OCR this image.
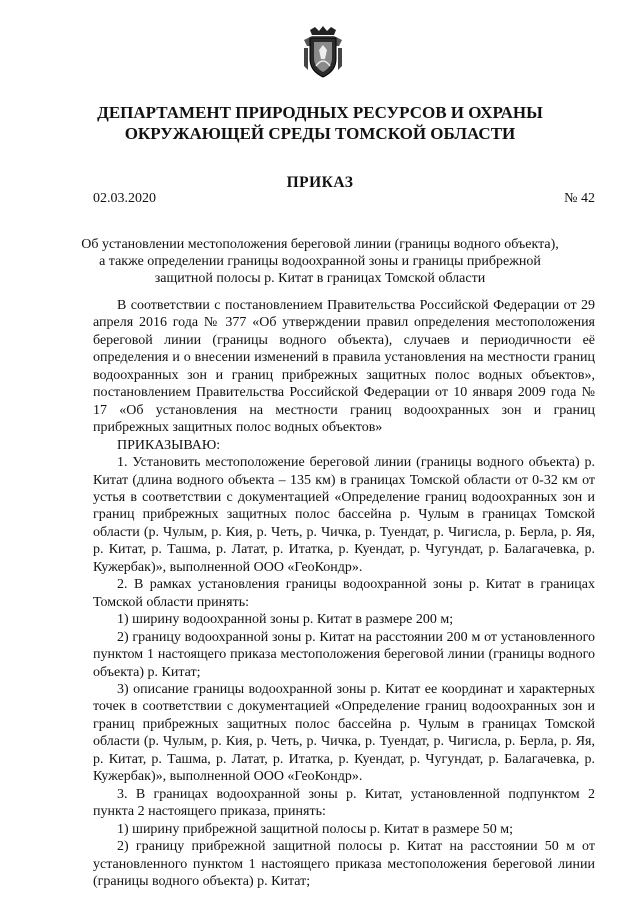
ДЕПАРТАМЕНТ ПРИРОДНЫХ РЕСУРСОВ И ОХРАНЫ
ОКРУЖАЮЩЕЙ СРЕДЫ ТОМСКОЙ ОБЛАСТИ
ПРИКАЗ
02.03.2020	№ 42
Об установлении местоположения береговой линии (границы водного объекта),
а также определении границы водоохранной зоны и границы прибрежной
защитной полосы р. Китат в границах Томской области

В соответствии с постановлением Правительства Российской Федерации от 29 апреля 2016 года № 377 «Об утверждении правил определения местоположения береговой линии (границы водного объекта), случаев и периодичности её определения и о внесении изменений в правила установления на местности границ водоохранных зон и границ прибрежных защитных полос водных объектов», постановлением Правительства Российской Федерации от 10 января 2009 года № 17 «Об установления на местности границ водоохранных зон и границ прибрежных защитных полос водных объектов»

ПРИКАЗЫВАЮ:

1. Установить местоположение береговой линии (границы водного объекта) р. Китат (длина водного объекта – 135 км) в границах Томской области от 0-32 км от устья в соответствии с документацией «Определение границ водоохранных зон и границ прибрежных защитных полос бассейна р. Чулым в границах Томской области (р. Чулым, р. Кия, р. Четь, р. Чичка, р. Туендат, р. Чигисла, р. Берла, р. Яя, р. Китат, р. Ташма, р. Латат, р. Итатка, р. Куендат, р. Чугундат, р. Балагачевка, р. Кужербак)», выполненной ООО «ГеоКондр».

2. В рамках установления границы водоохранной зоны р. Китат в границах Томской области принять:

1) ширину водоохранной зоны р. Китат в размере 200 м;

2) границу водоохранной зоны р. Китат на расстоянии 200 м от установленного пунктом 1 настоящего приказа местоположения береговой линии (границы водного объекта) р. Китат;

3) описание границы водоохранной зоны р. Китат ее координат и характерных точек в соответствии с документацией «Определение границ водоохранных зон и границ прибрежных защитных полос бассейна р. Чулым в границах Томской области (р. Чулым, р. Кия, р. Четь, р. Чичка, р. Туендат, р. Чигисла, р. Берла, р. Яя, р. Китат, р. Ташма, р. Латат, р. Итатка, р. Куендат, р. Чугундат, р. Балагачевка, р. Кужербак)», выполненной ООО «ГеоКондр».

3. В границах водоохранной зоны р. Китат, установленной подпунктом 2 пункта 2 настоящего приказа, принять:

1) ширину прибрежной защитной полосы р. Китат в размере 50 м;

2) границу прибрежной защитной полосы р. Китат на расстоянии 50 м от установленного пунктом 1 настоящего приказа местоположения береговой линии (границы водного объекта) р. Китат;
